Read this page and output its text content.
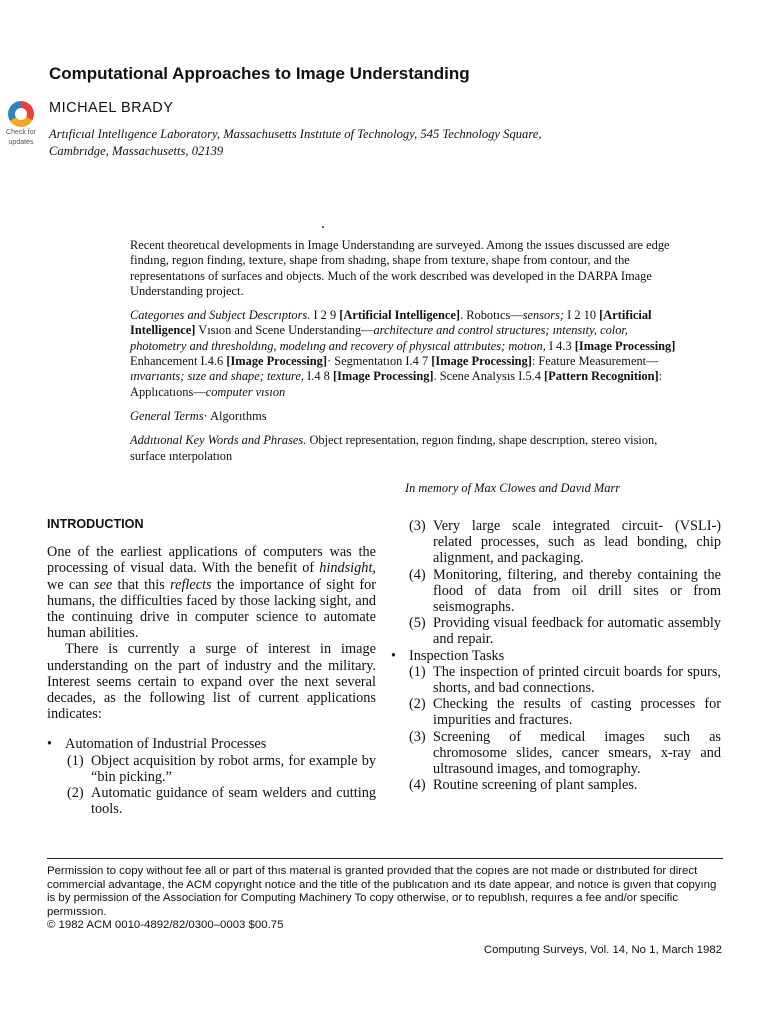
Check for
updates
Computational Approaches to Image Understanding
MICHAEL BRADY
Artıficıal Intellıgence Laboratory, Massachusetts Instıtute of Technology, 545 Technology Square,
Cambrıdge, Massachusetts, 02139

Recent theoretıcal developments in Image Understandıng are surveyed. Among the ıssues dıscussed are edge findıng, regıon findıng, texture, shape from shadıng, shape from texture, shape from contour, and the representatıons of surfaces and objects. Much of the work descrıbed was developed in the DARPA Image Understanding project.

Categorıes and Subject Descrıptors. I 2 9 [Artificial Intelligence]. Robotıcs—sensors; I 2 10 [Artificial Intelligence] Vısıon and Scene Understanding—architecture and control structures; ıntensıty, color, photometry and thresholdıng, modelıng and recovery of physıcal attrıbutes; motıon, I 4.3 [Image Processing] Enhancement I.4.6 [Image Processing]· Segmentatıon I.4 7 [Image Processing]: Feature Measurement— ınvarıants; sıze and shape; texture, I.4 8 [Image Processing]. Scene Analysıs I.5.4 [Pattern Recognition]: Applıcatıons—computer vısıon

General Terms· Algorıthms

Addıtıonal Key Words and Phrases. Object representation, regıon findıng, shape descrıption, stereo vision, surface ınterpolatıon

In memory of Max Clowes and Davıd Marr
INTRODUCTION

One of the earliest applications of computers was the processing of visual data. With the benefit of hindsight, we can see that this reflects the importance of sight for humans, the difficulties faced by those lacking sight, and the continuing drive in computer science to automate human abilities.

There is currently a surge of interest in image understanding on the part of industry and the military. Interest seems certain to expand over the next several decades, as the following list of current applications indicates:

• Automation of Industrial Processes
(1) Object acquisition by robot arms, for example by “bin picking.”
(2) Automatic guidance of seam welders and cutting tools.
(3) Very large scale integrated circuit- (VSLI-) related processes, such as lead bonding, chip alignment, and packaging.
(4) Monitoring, filtering, and thereby containing the flood of data from oil drill sites or from seismographs.
(5) Providing visual feedback for automatic assembly and repair.
• Inspection Tasks
(1) The inspection of printed circuit boards for spurs, shorts, and bad connections.
(2) Checking the results of casting processes for impurities and fractures.
(3) Screening of medical images such as chromosome slides, cancer smears, x-ray and ultrasound images, and tomography.
(4) Routine screening of plant samples.
Permission to copy without fee all or part of thıs materıal is granted provıded that the copıes are not made or dıstrıbuted for direct commercial advantage, the ACM copyrıght notıce and the title of the publıcatıon and ıts date appear, and notıce is gıven that copyıng is by permission of the Association for Computing Machinery To copy otherwise, or to republısh, requıres a fee and/or specific permıssıon.
© 1982 ACM 0010-4892/82/0300–0003 $00.75
Computıng Surveys, Vol. 14, No 1, March 1982
